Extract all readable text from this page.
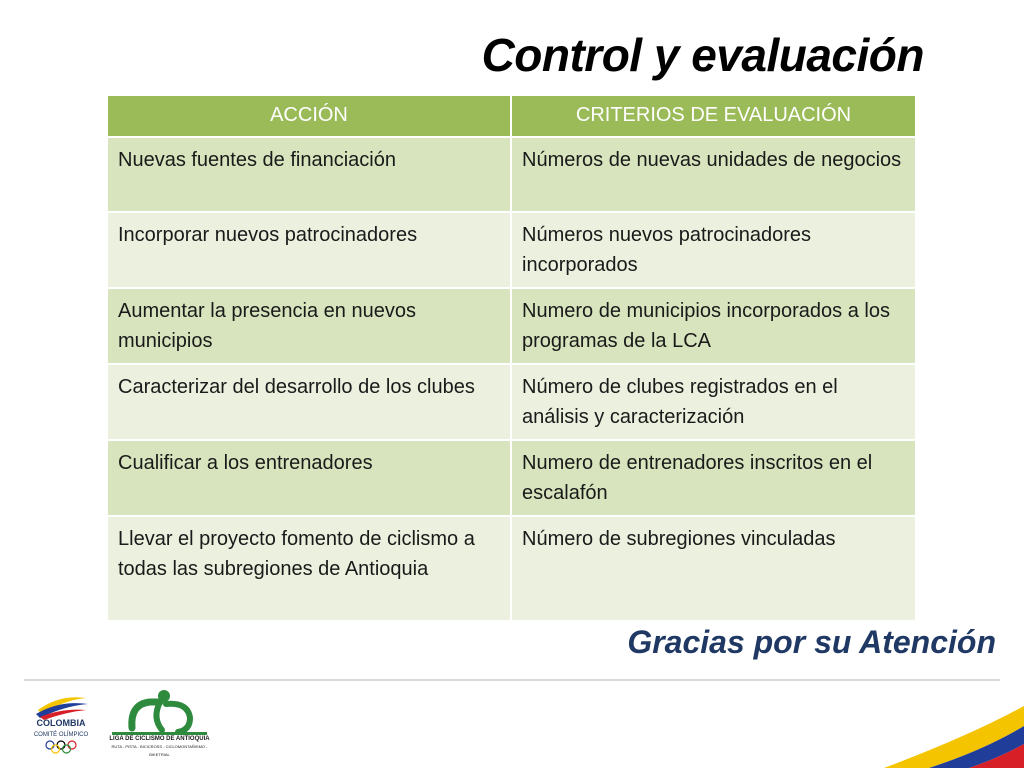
Control y evaluación
ACCIÓN	CRITERIOS DE EVALUACIÓN
Nuevas fuentes de financiación	Números de nuevas unidades de negocios
Incorporar nuevos patrocinadores	Números nuevos patrocinadores incorporados
Aumentar la presencia en nuevos municipios	Numero de municipios incorporados a los programas de la LCA
Caracterizar del desarrollo de los clubes	Número de clubes registrados en el análisis y caracterización
Cualificar a los entrenadores	Numero de entrenadores inscritos en el escalafón
Llevar el proyecto fomento de ciclismo a todas las subregiones de Antioquia	Número de subregiones vinculadas

Gracias por su Atención

COLOMBIA
COMITÉ OLÍMPICO
LIGA DE CICLISMO DE ANTIOQUIA
RUTA - PISTA - BICICROSS - CICLOMONTAÑISMO - BIKETRIAL
